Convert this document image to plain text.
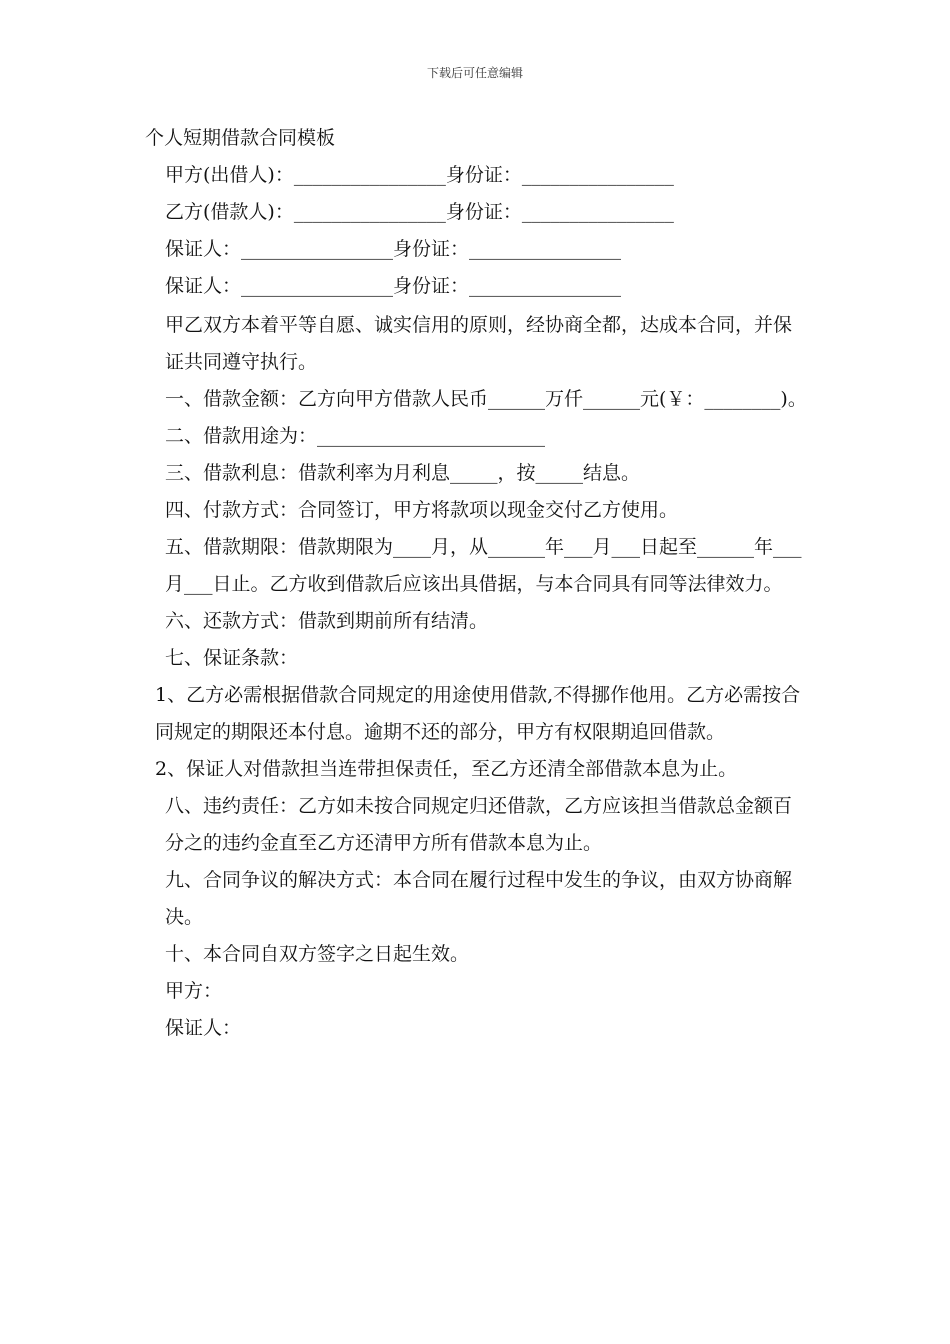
下载后可任意编辑

个人短期借款合同模板

甲方(出借人)：________________身份证：________________

乙方(借款人)：________________身份证：________________

保证人：________________身份证：________________

保证人：________________身份证：________________

甲乙双方本着平等自愿、诚实信用的原则，经协商全都，达成本合同，并保证共同遵守执行。

一、借款金额：乙方向甲方借款人民币______万仟______元(￥：________)。

二、借款用途为：________________________

三、借款利息：借款利率为月利息_____，按_____结息。

四、付款方式：合同签订，甲方将款项以现金交付乙方使用。

五、借款期限：借款期限为____月，从______年___月___日起至______年___月___日止。乙方收到借款后应该出具借据，与本合同具有同等法律效力。

六、还款方式：借款到期前所有结清。

七、保证条款：

1、乙方必需根据借款合同规定的用途使用借款,不得挪作他用。乙方必需按合同规定的期限还本付息。逾期不还的部分，甲方有权限期追回借款。

2、保证人对借款担当连带担保责任，至乙方还清全部借款本息为止。

八、违约责任：乙方如未按合同规定归还借款，乙方应该担当借款总金额百分之的违约金直至乙方还清甲方所有借款本息为止。

九、合同争议的解决方式：本合同在履行过程中发生的争议，由双方协商解决。

十、本合同自双方签字之日起生效。

甲方：

保证人：
